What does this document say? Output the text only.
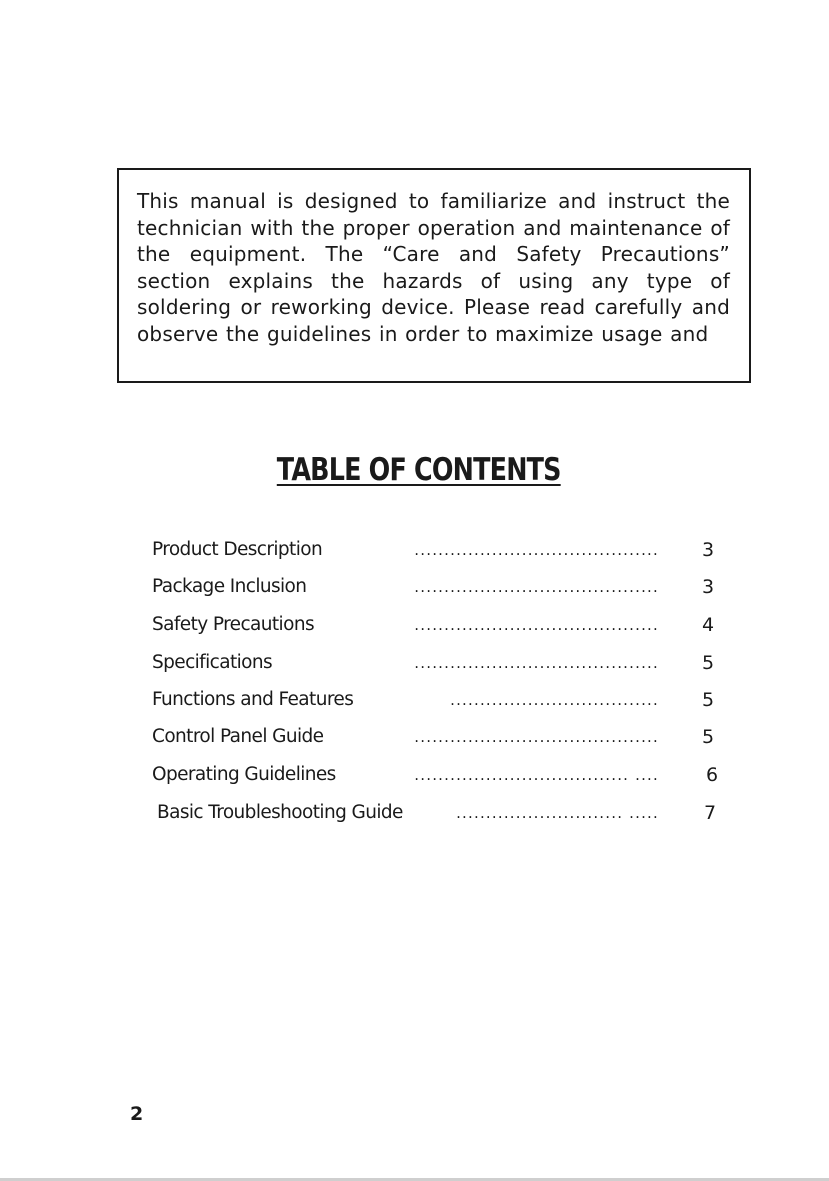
This manual is designed to familiarize and instruct the technician with the proper operation and maintenance of the equipment. The “Care and Safety Precautions” section explains the hazards of using any type of soldering or reworking device. Please read carefully and observe the guidelines in order to maximize usage and

TABLE OF CONTENTS
Product Description	......................................... 3
Package Inclusion	......................................... 3
Safety Precautions	......................................... 4
Specifications	......................................... 5
Functions and Features	................................... 5
Control Panel Guide	......................................... 5
Operating Guidelines	.................................... .... 6
Basic Troubleshooting Guide	............................ ..... 7
2
